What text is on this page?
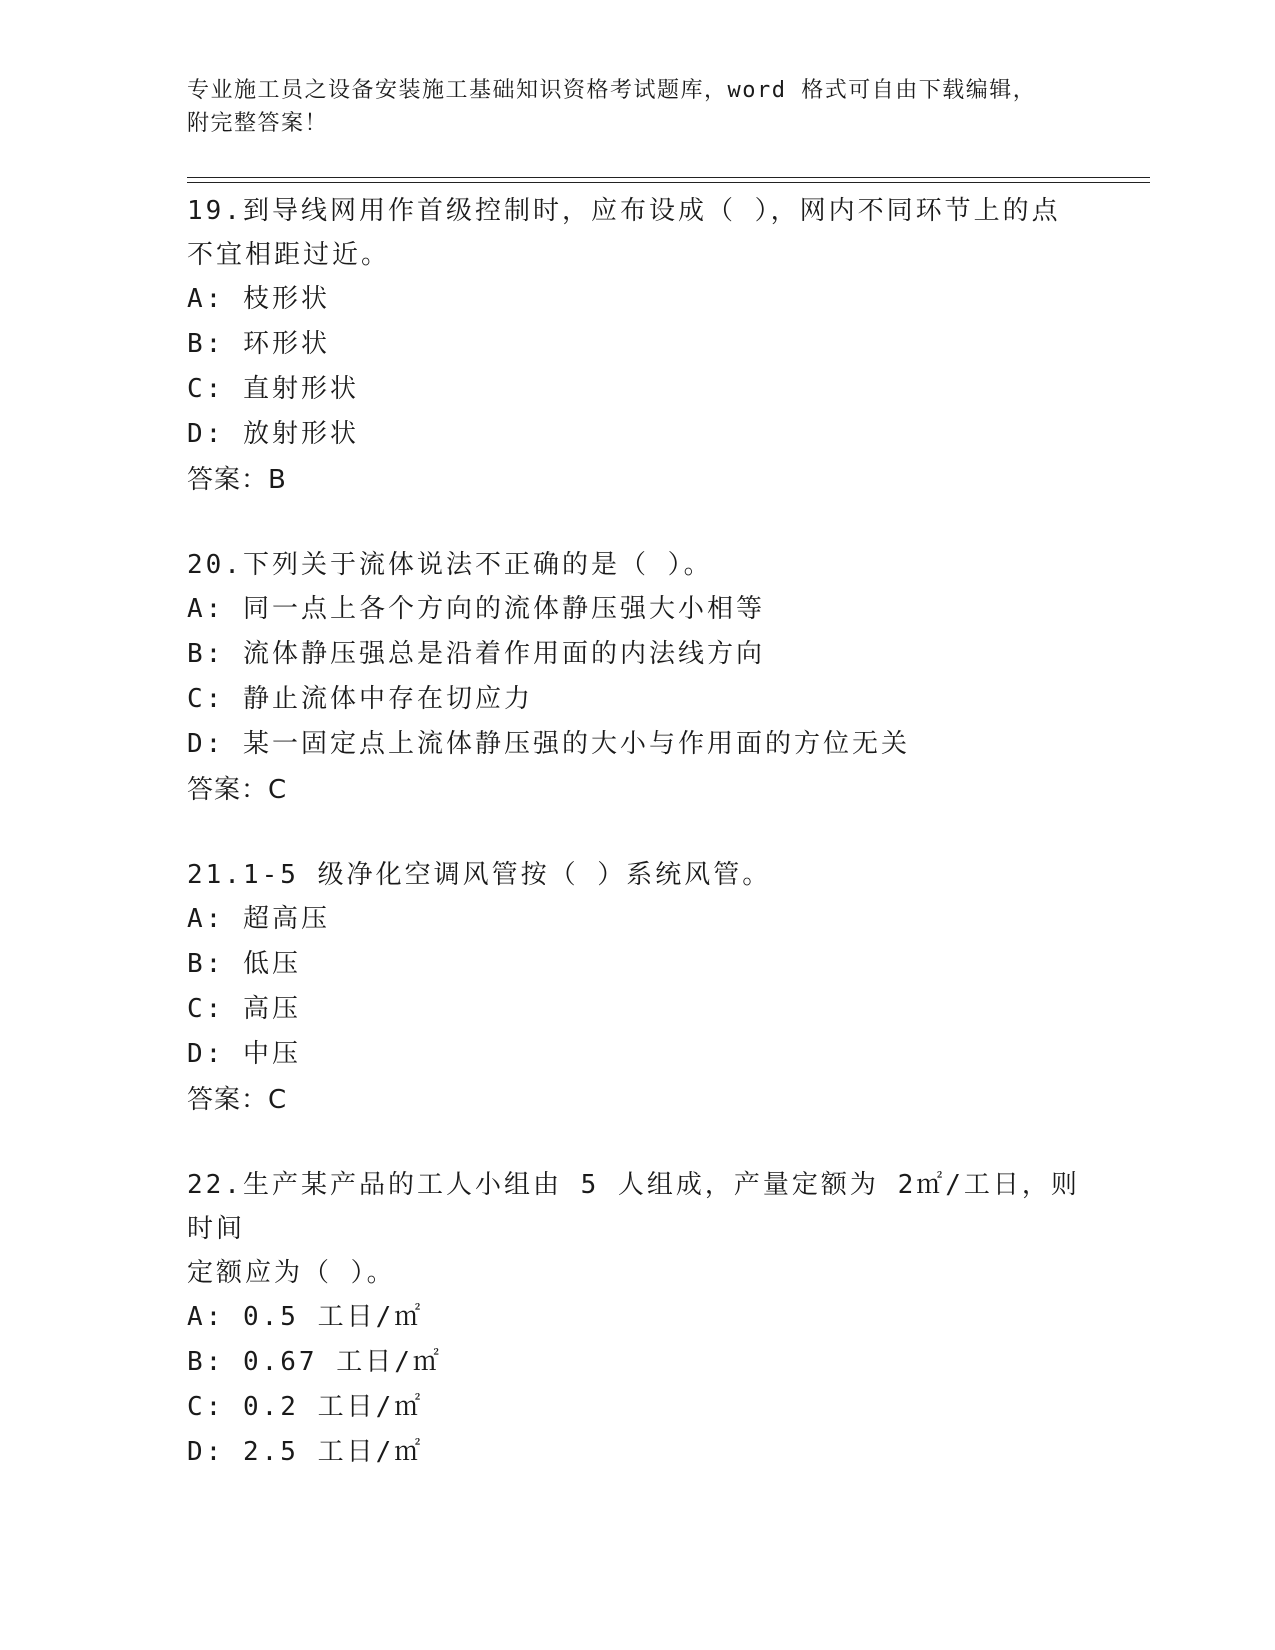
专业施工员之设备安装施工基础知识资格考试题库，word 格式可自由下载编辑，
附完整答案！

19.到导线网用作首级控制时，应布设成（ ），网内不同环节上的点

不宜相距过近。

A: 枝形状

B: 环形状

C: 直射形状

D: 放射形状

答案：B

20.下列关于流体说法不正确的是（ ）。

A: 同一点上各个方向的流体静压强大小相等

B: 流体静压强总是沿着作用面的内法线方向

C: 静止流体中存在切应力

D: 某一固定点上流体静压强的大小与作用面的方位无关

答案：C

21.1-5 级净化空调风管按（ ）系统风管。

A: 超高压

B: 低压

C: 高压

D: 中压

答案：C

22.生产某产品的工人小组由 5 人组成，产量定额为 2㎡/工日，则时间

定额应为（ ）。

A: 0.5 工日/㎡

B: 0.67 工日/㎡

C: 0.2 工日/㎡

D: 2.5 工日/㎡
